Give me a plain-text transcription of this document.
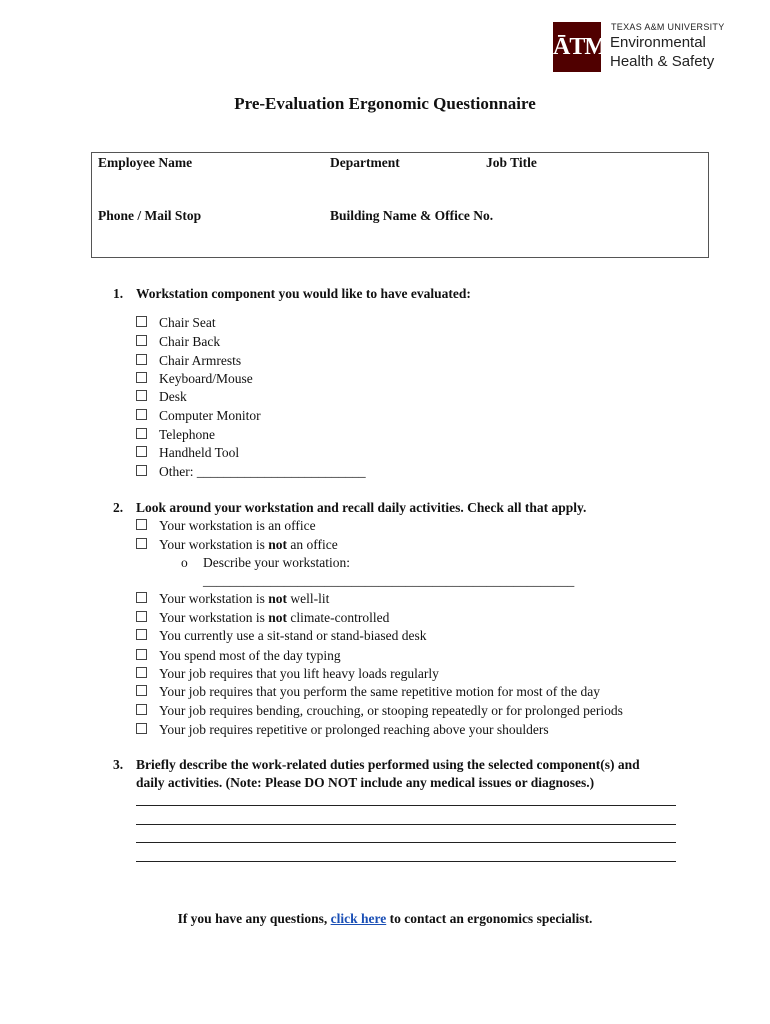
ĀTM
TEXAS A&M UNIVERSITY
Environmental
Health & Safety
Pre-Evaluation Ergonomic Questionnaire
Employee Name	Department	Job Title
Phone / Mail Stop	Building Name & Office No.
1. Workstation component you would like to have evaluated:
Chair Seat
Chair Back
Chair Armrests
Keyboard/Mouse
Desk
Computer Monitor
Telephone
Handheld Tool
Other: _________________________
2. Look around your workstation and recall daily activities. Check all that apply.
Your workstation is an office
Your workstation is not an office
o Describe your workstation:
_______________________________________________________
Your workstation is not well-lit
Your workstation is not climate-controlled
You currently use a sit-stand or stand-biased desk
You spend most of the day typing
Your job requires that you lift heavy loads regularly
Your job requires that you perform the same repetitive motion for most of the day
Your job requires bending, crouching, or stooping repeatedly or for prolonged periods
Your job requires repetitive or prolonged reaching above your shoulders
3. Briefly describe the work-related duties performed using the selected component(s) and
daily activities. (Note: Please DO NOT include any medical issues or diagnoses.)
If you have any questions, click here to contact an ergonomics specialist.
